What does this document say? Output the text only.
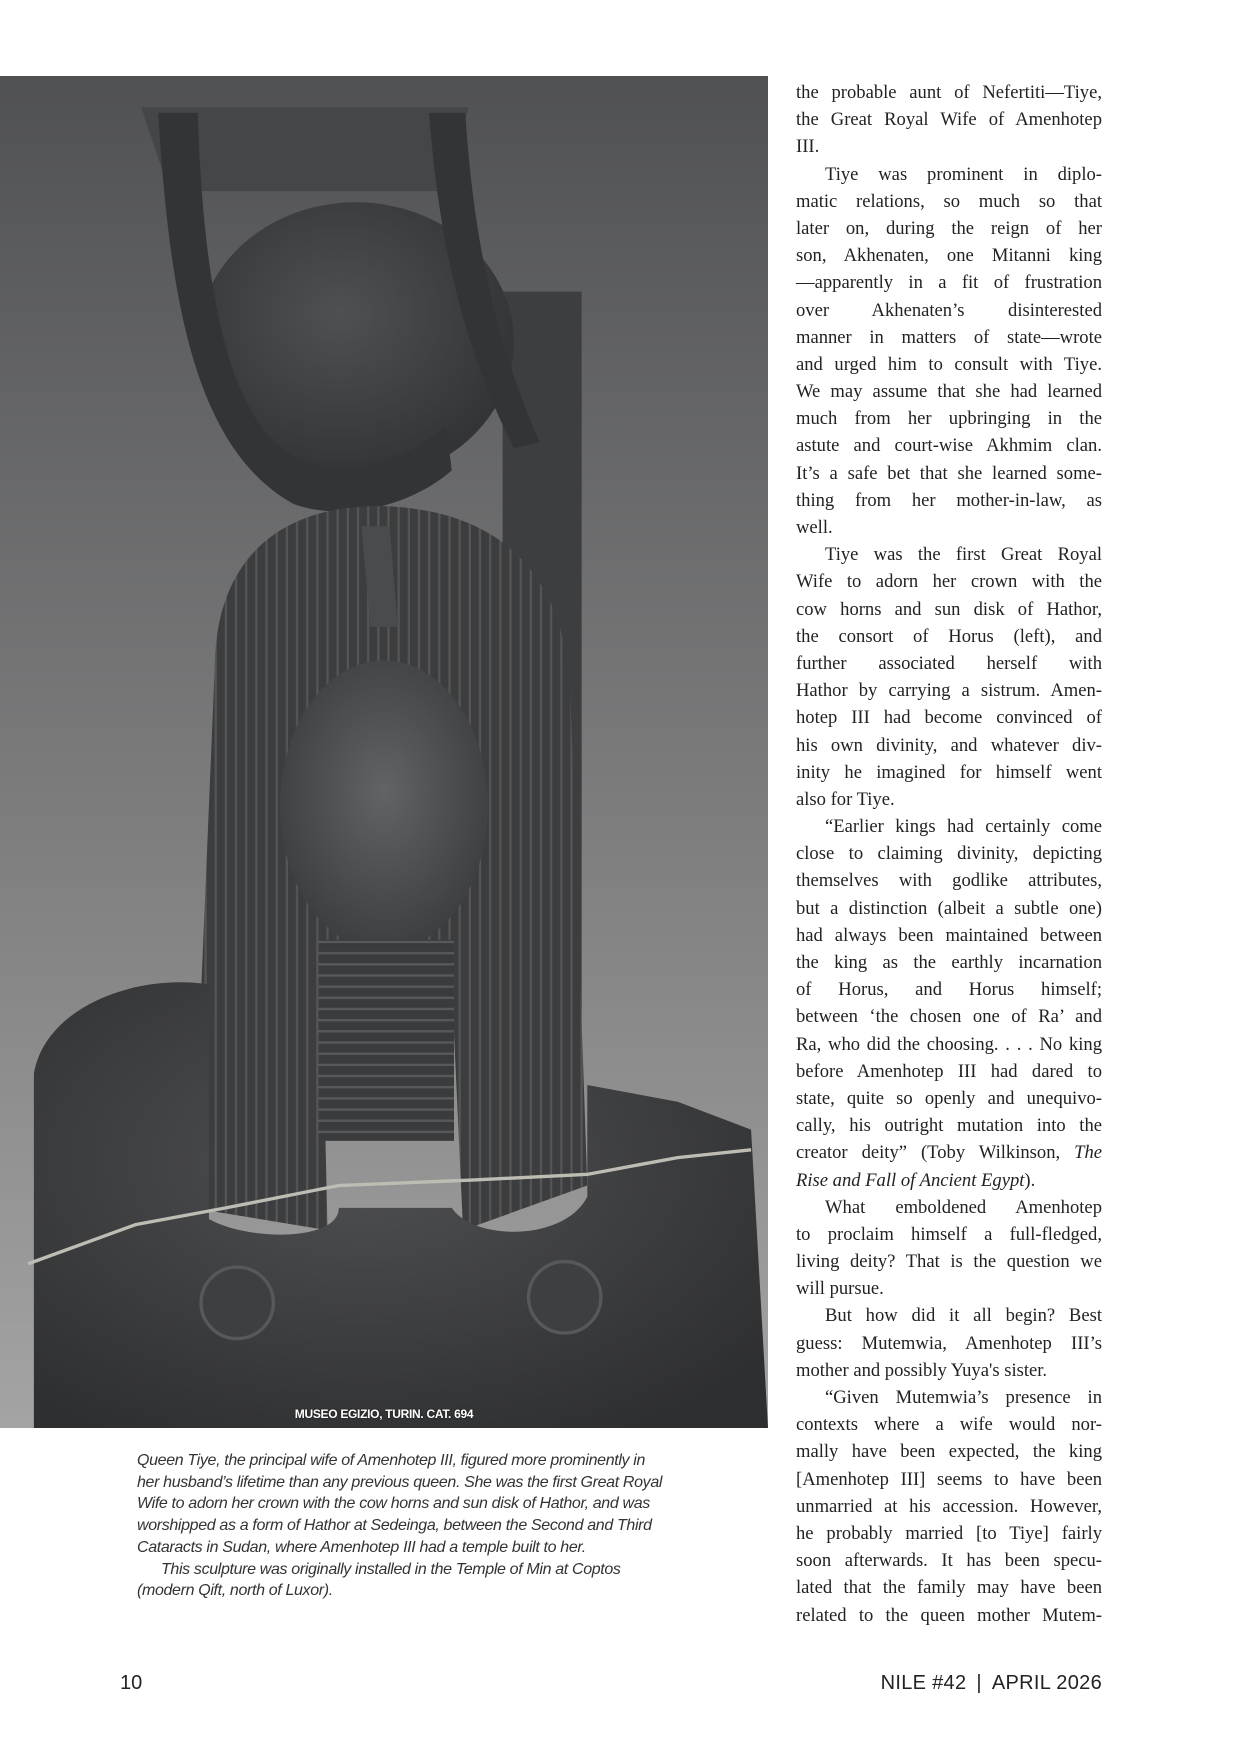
MUSEO EGIZIO, TURIN. CAT. 694
Queen Tiye, the principal wife of Amenhotep III, figured more prominently in
her husband’s lifetime than any previous queen. She was the first Great Royal
Wife to adorn her crown with the cow horns and sun disk of Hathor, and was
worshipped as a form of Hathor at Sedeinga, between the Second and Third
Cataracts in Sudan, where Amenhotep III had a temple built to her.
This sculpture was originally installed in the Temple of Min at Coptos
(modern Qift, north of Luxor).
the probable aunt of Nefertiti—Tiye,
the Great Royal Wife of Amenhotep
III.
Tiye was prominent in diplo-
matic relations, so much so that
later on, during the reign of her
son, Akhenaten, one Mitanni king
—apparently in a fit of frustration
over Akhenaten’s disinterested
manner in matters of state—wrote
and urged him to consult with Tiye.
We may assume that she had learned
much from her upbringing in the
astute and court-wise Akhmim clan.
It’s a safe bet that she learned some-
thing from her mother-in-law, as
well.
Tiye was the first Great Royal
Wife to adorn her crown with the
cow horns and sun disk of Hathor,
the consort of Horus (left), and
further associated herself with
Hathor by carrying a sistrum. Amen-
hotep III had become convinced of
his own divinity, and whatever div-
inity he imagined for himself went
also for Tiye.
“Earlier kings had certainly come
close to claiming divinity, depicting
themselves with godlike attributes,
but a distinction (albeit a subtle one)
had always been maintained between
the king as the earthly incarnation
of Horus, and Horus himself;
between ‘the chosen one of Ra’ and
Ra, who did the choosing. . . . No king
before Amenhotep III had dared to
state, quite so openly and unequivo-
cally, his outright mutation into the
creator deity” (Toby Wilkinson, The
Rise and Fall of Ancient Egypt).
What emboldened Amenhotep
to proclaim himself a full-fledged,
living deity? That is the question we
will pursue.
But how did it all begin? Best
guess: Mutemwia, Amenhotep III’s
mother and possibly Yuya's sister.
“Given Mutemwia’s presence in
contexts where a wife would nor-
mally have been expected, the king
[Amenhotep III] seems to have been
unmarried at his accession. However,
he probably married [to Tiye] fairly
soon afterwards. It has been specu-
lated that the family may have been
related to the queen mother Mutem-
10	NILE #42 | APRIL 2026
